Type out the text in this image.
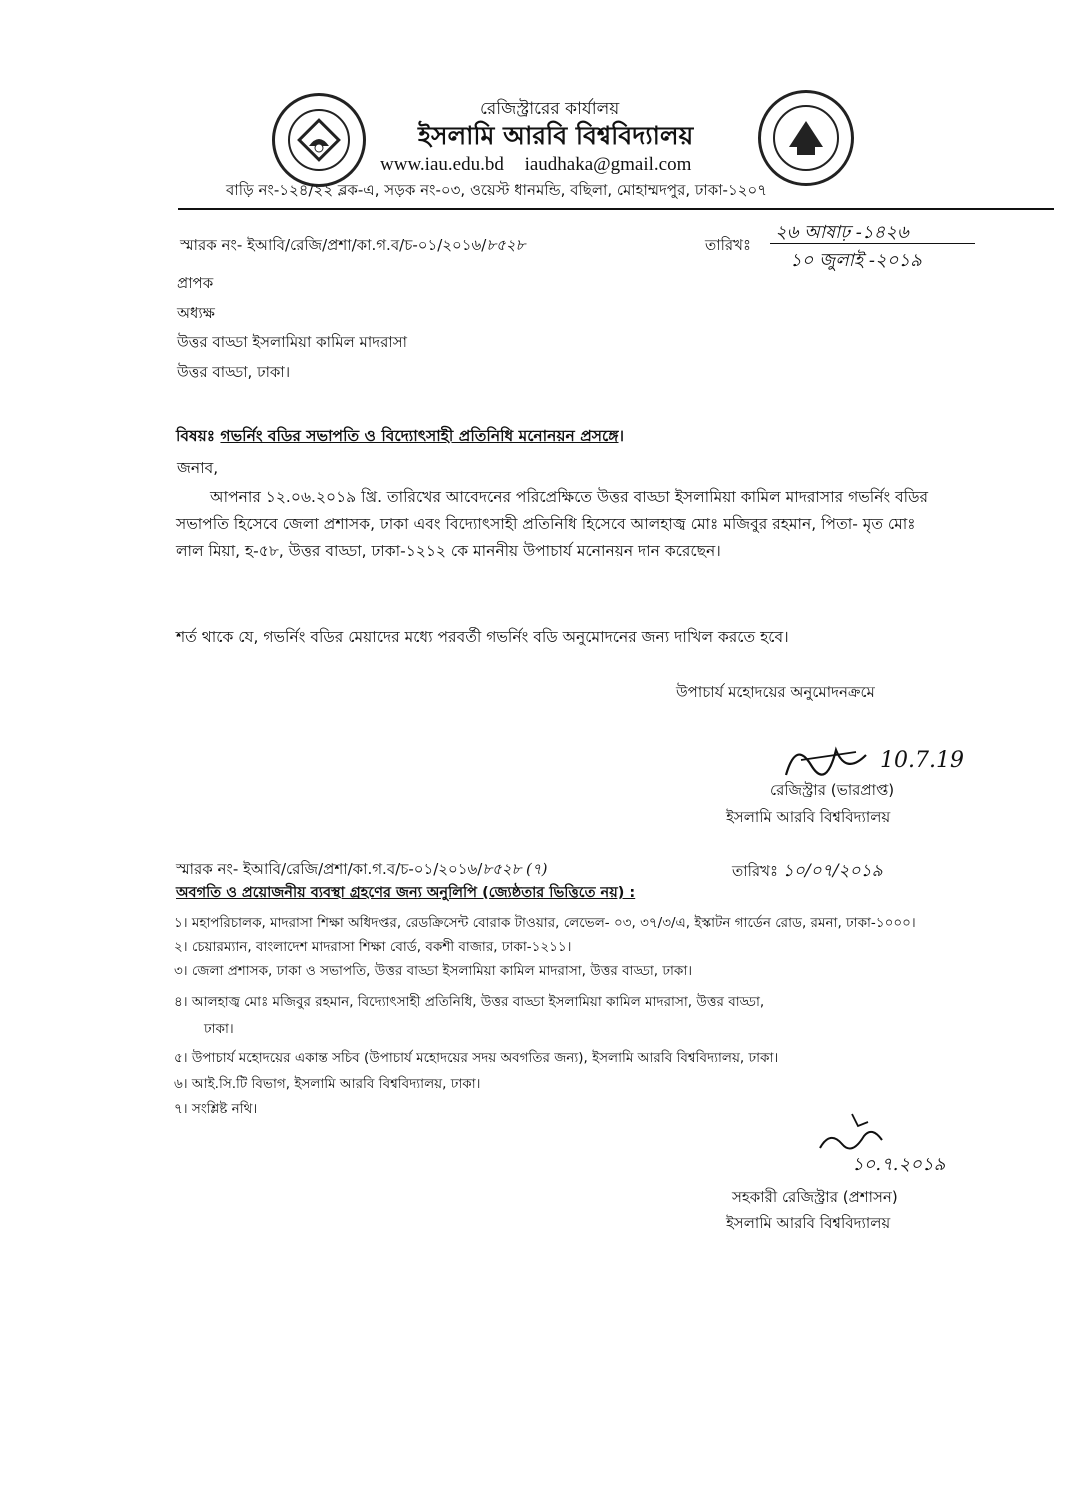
রেজিস্ট্রারের কার্যালয়
ইসলামি আরবি বিশ্ববিদ্যালয়
www.iau.edu.bd iaudhaka@gmail.com
বাড়ি নং-১২৪/২২ ব্লক-এ, সড়ক নং-০৩, ওয়েস্ট ধানমন্ডি, বছিলা, মোহাম্মদপুর, ঢাকা-১২০৭
স্মারক নং- ইআবি/রেজি/প্রশা/কা.গ.ব/চ-০১/২০১৬/৮৫২৮	তারিখঃ
২৬ আষাঢ় -১৪২৬
১০ জুলাই -২০১৯
প্রাপক
অধ্যক্ষ
উত্তর বাড্ডা ইসলামিয়া কামিল মাদরাসা
উত্তর বাড্ডা, ঢাকা।
বিষয়ঃ গভর্নিং বডির সভাপতি ও বিদ্যোৎসাহী প্রতিনিধি মনোনয়ন প্রসঙ্গে।
জনাব,
আপনার ১২.০৬.২০১৯ খ্রি. তারিখের আবেদনের পরিপ্রেক্ষিতে উত্তর বাড্ডা ইসলামিয়া কামিল মাদরাসার গভর্নিং বডির সভাপতি হিসেবে জেলা প্রশাসক, ঢাকা এবং বিদ্যোৎসাহী প্রতিনিধি হিসেবে আলহাজ্ব মোঃ মজিবুর রহমান, পিতা- মৃত মোঃ লাল মিয়া, হ-৫৮, উত্তর বাড্ডা, ঢাকা-১২১২ কে মাননীয় উপাচার্য মনোনয়ন দান করেছেন।
শর্ত থাকে যে, গভর্নিং বডির মেয়াদের মধ্যে পরবর্তী গভর্নিং বডি অনুমোদনের জন্য দাখিল করতে হবে।
উপাচার্য মহোদয়ের অনুমোদনক্রমে
10.7.19
রেজিস্ট্রার (ভারপ্রাপ্ত)
ইসলামি আরবি বিশ্ববিদ্যালয়
স্মারক নং- ইআবি/রেজি/প্রশা/কা.গ.ব/চ-০১/২০১৬/৮৫২৮ (৭)	তারিখঃ ১০/০৭/২০১৯
অবগতি ও প্রয়োজনীয় ব্যবস্থা গ্রহণের জন্য অনুলিপি (জ্যেষ্ঠতার ভিত্তিতে নয়) :
১। মহাপরিচালক, মাদরাসা শিক্ষা অধিদপ্তর, রেডক্রিসেন্ট বোরাক টাওয়ার, লেভেল- ০৩, ৩৭/৩/এ, ইস্কাটন গার্ডেন রোড, রমনা, ঢাকা-১০০০।
২। চেয়ারম্যান, বাংলাদেশ মাদরাসা শিক্ষা বোর্ড, বকশী বাজার, ঢাকা-১২১১।
৩। জেলা প্রশাসক, ঢাকা ও সভাপতি, উত্তর বাড্ডা ইসলামিয়া কামিল মাদরাসা, উত্তর বাড্ডা, ঢাকা।
৪। আলহাজ্ব মোঃ মজিবুর রহমান, বিদ্যোৎসাহী প্রতিনিধি, উত্তর বাড্ডা ইসলামিয়া কামিল মাদরাসা, উত্তর বাড্ডা,
ঢাকা।
৫। উপাচার্য মহোদয়ের একান্ত সচিব (উপাচার্য মহোদয়ের সদয় অবগতির জন্য), ইসলামি আরবি বিশ্ববিদ্যালয়, ঢাকা।
৬। আই.সি.টি বিভাগ, ইসলামি আরবি বিশ্ববিদ্যালয়, ঢাকা।
৭। সংশ্লিষ্ট নথি।
১০.৭.২০১৯
সহকারী রেজিস্ট্রার (প্রশাসন)
ইসলামি আরবি বিশ্ববিদ্যালয়
